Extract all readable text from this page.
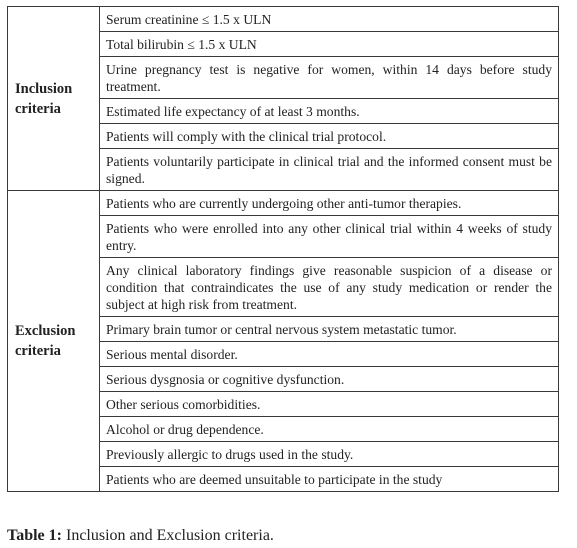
Inclusion criteria	Serum creatinine ≤ 1.5 x ULN
	Total bilirubin ≤ 1.5 x ULN
	Urine pregnancy test is negative for women, within 14 days before study treatment.
	Estimated life expectancy of at least 3 months.
	Patients will comply with the clinical trial protocol.
	Patients voluntarily participate in clinical trial and the informed consent must be signed.
Exclusion criteria	Patients who are currently undergoing other anti-tumor therapies.
	Patients who were enrolled into any other clinical trial within 4 weeks of study entry.
	Any clinical laboratory findings give reasonable suspicion of a disease or condition that contraindicates the use of any study medication or render the subject at high risk from treatment.
	Primary brain tumor or central nervous system metastatic tumor.
	Serious mental disorder.
	Serious dysgnosia or cognitive dysfunction.
	Other serious comorbidities.
	Alcohol or drug dependence.
	Previously allergic to drugs used in the study.
	Patients who are deemed unsuitable to participate in the study
Table 1: Inclusion and Exclusion criteria.
